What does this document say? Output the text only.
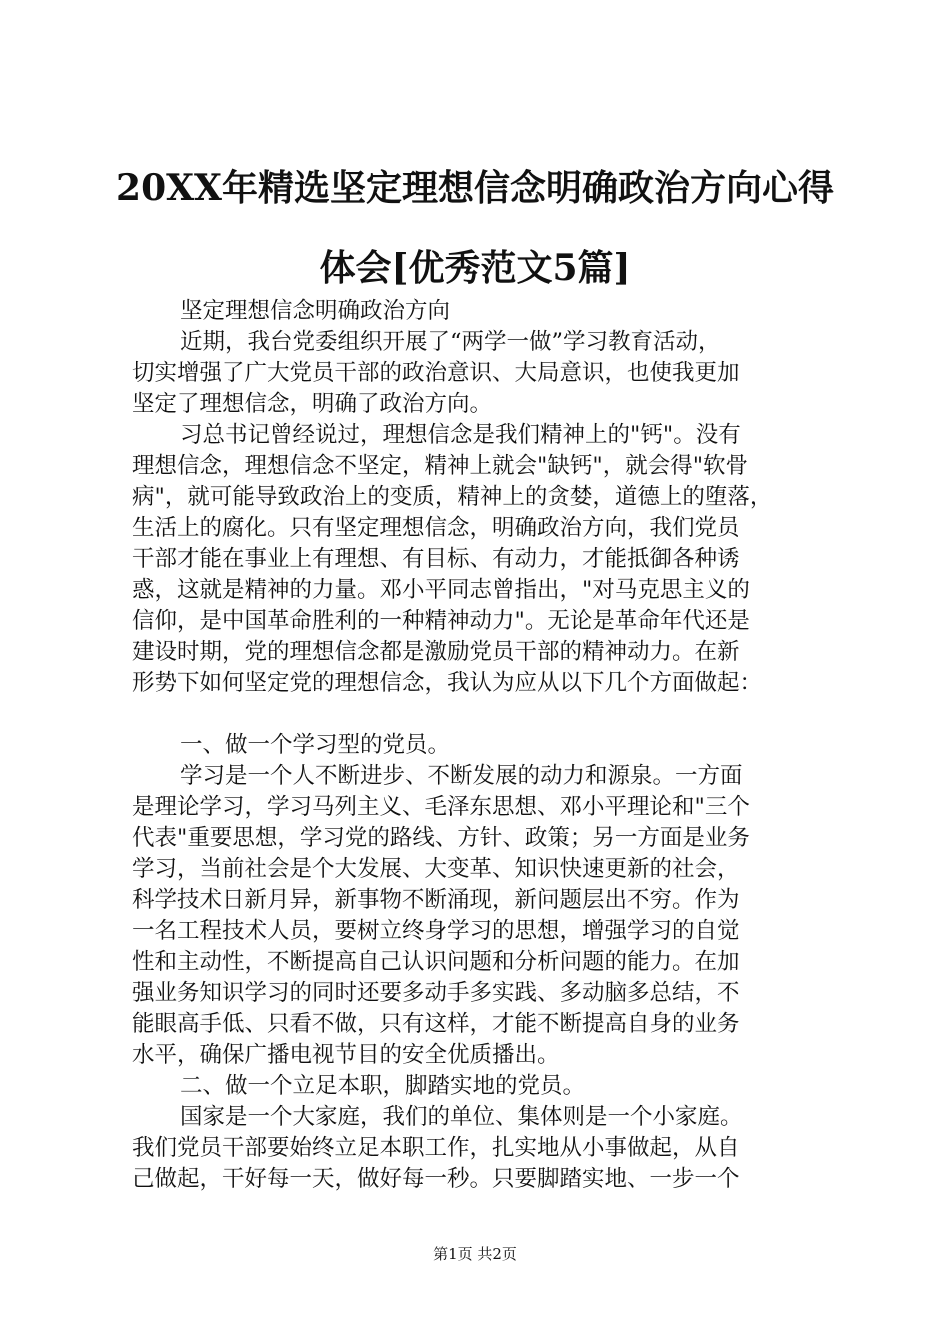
20XX年精选坚定理想信念明确政治方向心得
体会[优秀范文5篇]
坚定理想信念明确政治方向
近期，我台党委组织开展了“两学一做”学习教育活动，
切实增强了广大党员干部的政治意识、大局意识，也使我更加
坚定了理想信念，明确了政治方向。
习总书记曾经说过，理想信念是我们精神上的"钙"。没有
理想信念，理想信念不坚定，精神上就会"缺钙"，就会得"软骨
病"，就可能导致政治上的变质，精神上的贪婪，道德上的堕落，
生活上的腐化。只有坚定理想信念，明确政治方向，我们党员
干部才能在事业上有理想、有目标、有动力，才能抵御各种诱
惑，这就是精神的力量。邓小平同志曾指出，"对马克思主义的
信仰，是中国革命胜利的一种精神动力"。无论是革命年代还是
建设时期，党的理想信念都是激励党员干部的精神动力。在新
形势下如何坚定党的理想信念，我认为应从以下几个方面做起：
一、做一个学习型的党员。
学习是一个人不断进步、不断发展的动力和源泉。一方面
是理论学习，学习马列主义、毛泽东思想、邓小平理论和"三个
代表"重要思想，学习党的路线、方针、政策；另一方面是业务
学习，当前社会是个大发展、大变革、知识快速更新的社会，
科学技术日新月异，新事物不断涌现，新问题层出不穷。作为
一名工程技术人员，要树立终身学习的思想，增强学习的自觉
性和主动性，不断提高自己认识问题和分析问题的能力。在加
强业务知识学习的同时还要多动手多实践、多动脑多总结，不
能眼高手低、只看不做，只有这样，才能不断提高自身的业务
水平，确保广播电视节目的安全优质播出。
二、做一个立足本职，脚踏实地的党员。
国家是一个大家庭，我们的单位、集体则是一个小家庭。
我们党员干部要始终立足本职工作，扎实地从小事做起，从自
己做起，干好每一天，做好每一秒。只要脚踏实地、一步一个
第1页 共2页
